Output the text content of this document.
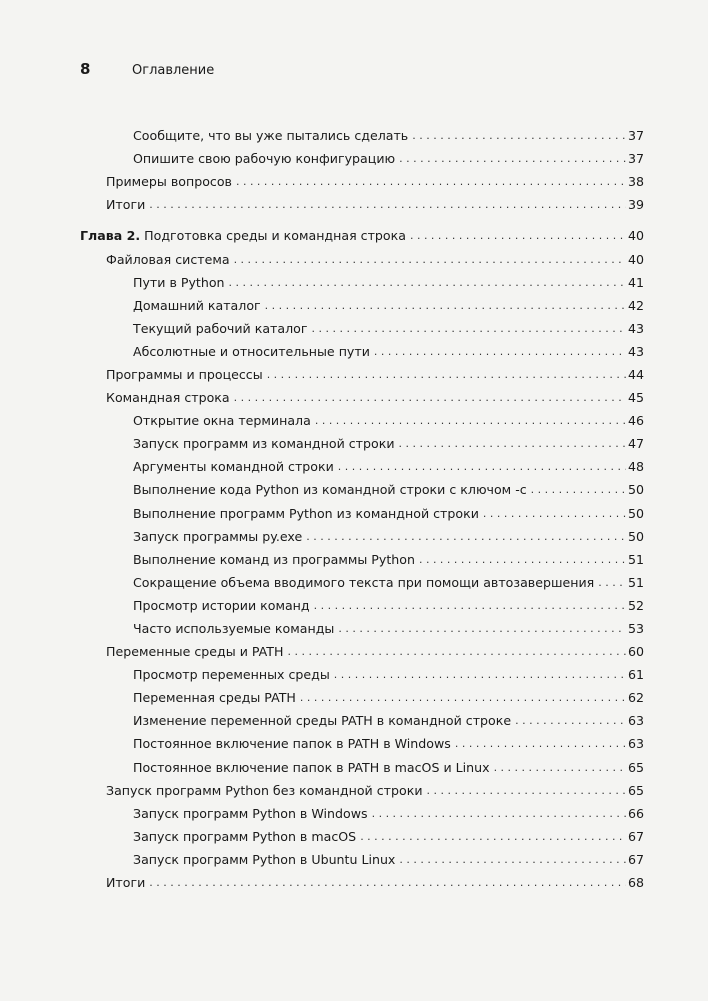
8	Оглавление
Сообщите, что вы уже пытались сделать . . .	37
Опишите свою рабочую конфигурацию . . .	37
Примеры вопросов . . .	38
Итоги . . .	39
Глава 2. Подготовка среды и командная строка . . .	40
Файловая система . . .	40
Пути в Python . . .	41
Домашний каталог . . .	42
Текущий рабочий каталог . . .	43
Абсолютные и относительные пути . . .	43
Программы и процессы . . .	44
Командная строка . . .	45
Открытие окна терминала . . .	46
Запуск программ из командной строки . . .	47
Аргументы командной строки . . .	48
Выполнение кода Python из командной строки с ключом -c . . .	50
Выполнение программ Python из командной строки . . .	50
Запуск программы py.exe . . .	50
Выполнение команд из программы Python . . .	51
Сокращение объема вводимого текста при помощи автозавершения . . .	51
Просмотр истории команд . . .	52
Часто используемые команды . . .	53
Переменные среды и PATH . . .	60
Просмотр переменных среды . . .	61
Переменная среды PATH . . .	62
Изменение переменной среды PATH в командной строке . . .	63
Постоянное включение папок в PATH в Windows . . .	63
Постоянное включение папок в PATH в macOS и Linux . . .	65
Запуск программ Python без командной строки . . .	65
Запуск программ Python в Windows . . .	66
Запуск программ Python в macOS . . .	67
Запуск программ Python в Ubuntu Linux . . .	67
Итоги . . .	68
